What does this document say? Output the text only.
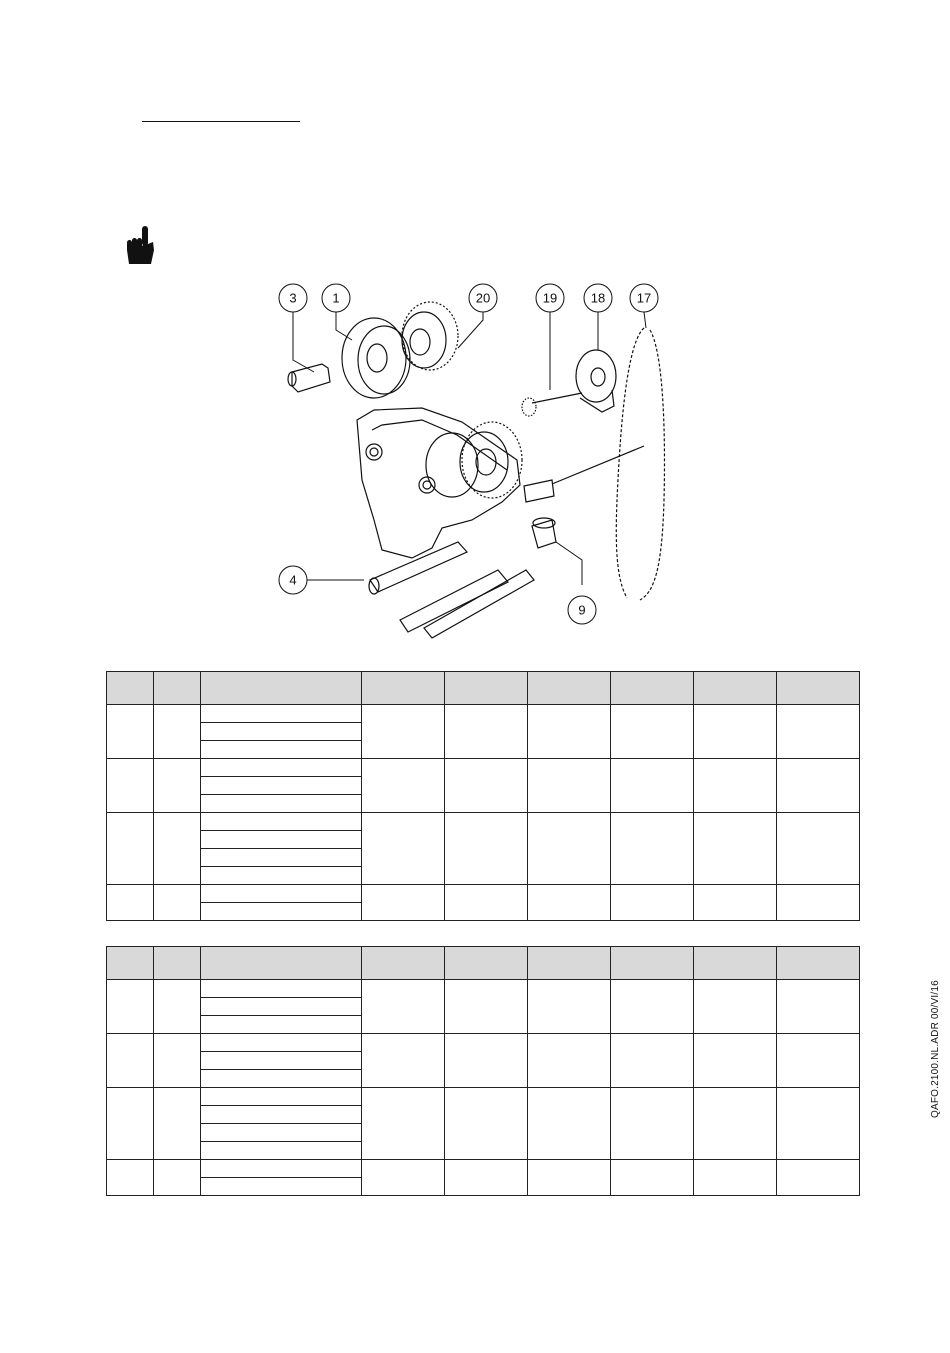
3	1	20	19	18 17
4
9

QAFO.2100.NL.ADR 00/VI/16
